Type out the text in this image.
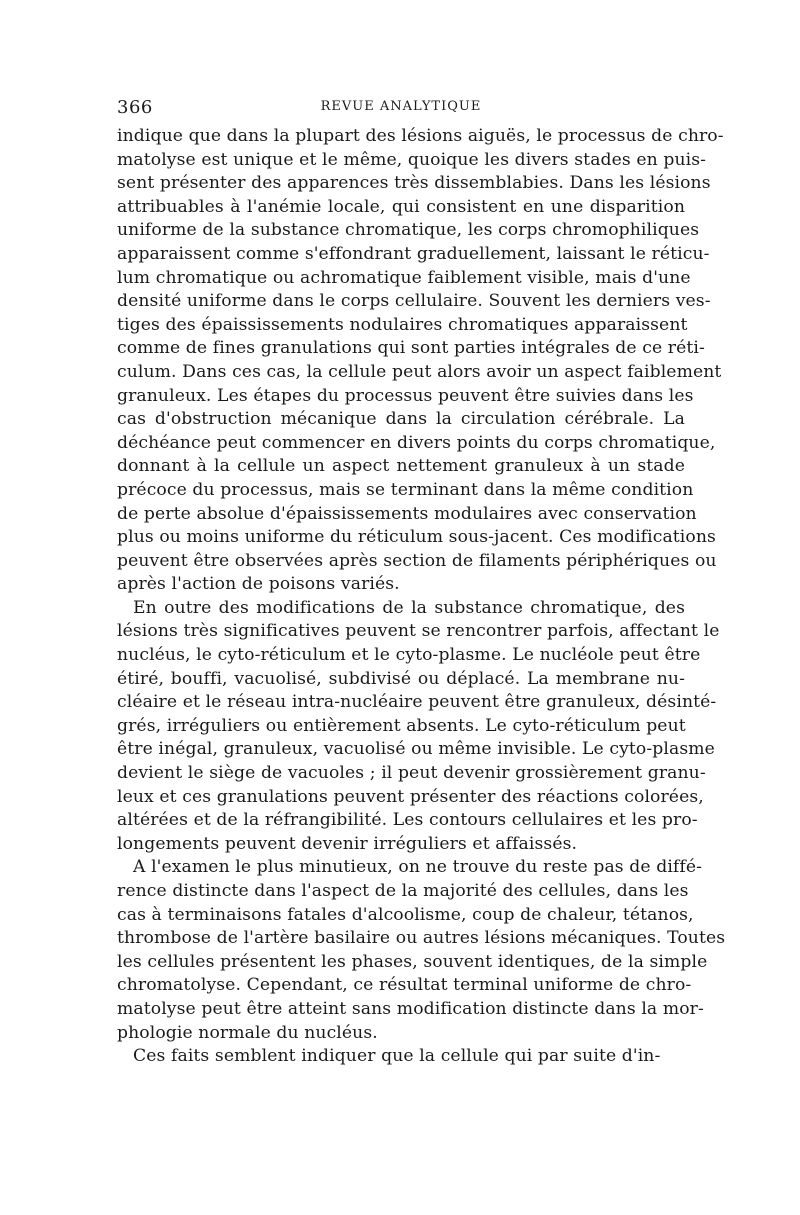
366	REVUE ANALYTIQUE
indique que dans la plupart des lésions aiguës, le processus de chro-
matolyse est unique et le même, quoique les divers stades en puis-
sent présenter des apparences très dissemblabies. Dans les lésions
attribuables à l'anémie locale, qui consistent en une disparition
uniforme de la substance chromatique, les corps chromophiliques
apparaissent comme s'effondrant graduellement, laissant le réticu-
lum chromatique ou achromatique faiblement visible, mais d'une
densité uniforme dans le corps cellulaire. Souvent les derniers ves-
tiges des épaississements nodulaires chromatiques apparaissent
comme de fines granulations qui sont parties intégrales de ce réti-
culum. Dans ces cas, la cellule peut alors avoir un aspect faiblement
granuleux. Les étapes du processus peuvent être suivies dans les
cas d'obstruction mécanique dans la circulation cérébrale. La
déchéance peut commencer en divers points du corps chromatique,
donnant à la cellule un aspect nettement granuleux à un stade
précoce du processus, mais se terminant dans la même condition
de perte absolue d'épaississements modulaires avec conservation
plus ou moins uniforme du réticulum sous-jacent. Ces modifications
peuvent être observées après section de filaments périphériques ou
après l'action de poisons variés.
En outre des modifications de la substance chromatique, des
lésions très significatives peuvent se rencontrer parfois, affectant le
nucléus, le cyto-réticulum et le cyto-plasme. Le nucléole peut être
étiré, bouffi, vacuolisé, subdivisé ou déplacé. La membrane nu-
cléaire et le réseau intra-nucléaire peuvent être granuleux, désinté-
grés, irréguliers ou entièrement absents. Le cyto-réticulum peut
être inégal, granuleux, vacuolisé ou même invisible. Le cyto-plasme
devient le siège de vacuoles ; il peut devenir grossièrement granu-
leux et ces granulations peuvent présenter des réactions colorées,
altérées et de la réfrangibilité. Les contours cellulaires et les pro-
longements peuvent devenir irréguliers et affaissés.
A l'examen le plus minutieux, on ne trouve du reste pas de diffé-
rence distincte dans l'aspect de la majorité des cellules, dans les
cas à terminaisons fatales d'alcoolisme, coup de chaleur, tétanos,
thrombose de l'artère basilaire ou autres lésions mécaniques. Toutes
les cellules présentent les phases, souvent identiques, de la simple
chromatolyse. Cependant, ce résultat terminal uniforme de chro-
matolyse peut être atteint sans modification distincte dans la mor-
phologie normale du nucléus.
Ces faits semblent indiquer que la cellule qui par suite d'in-
